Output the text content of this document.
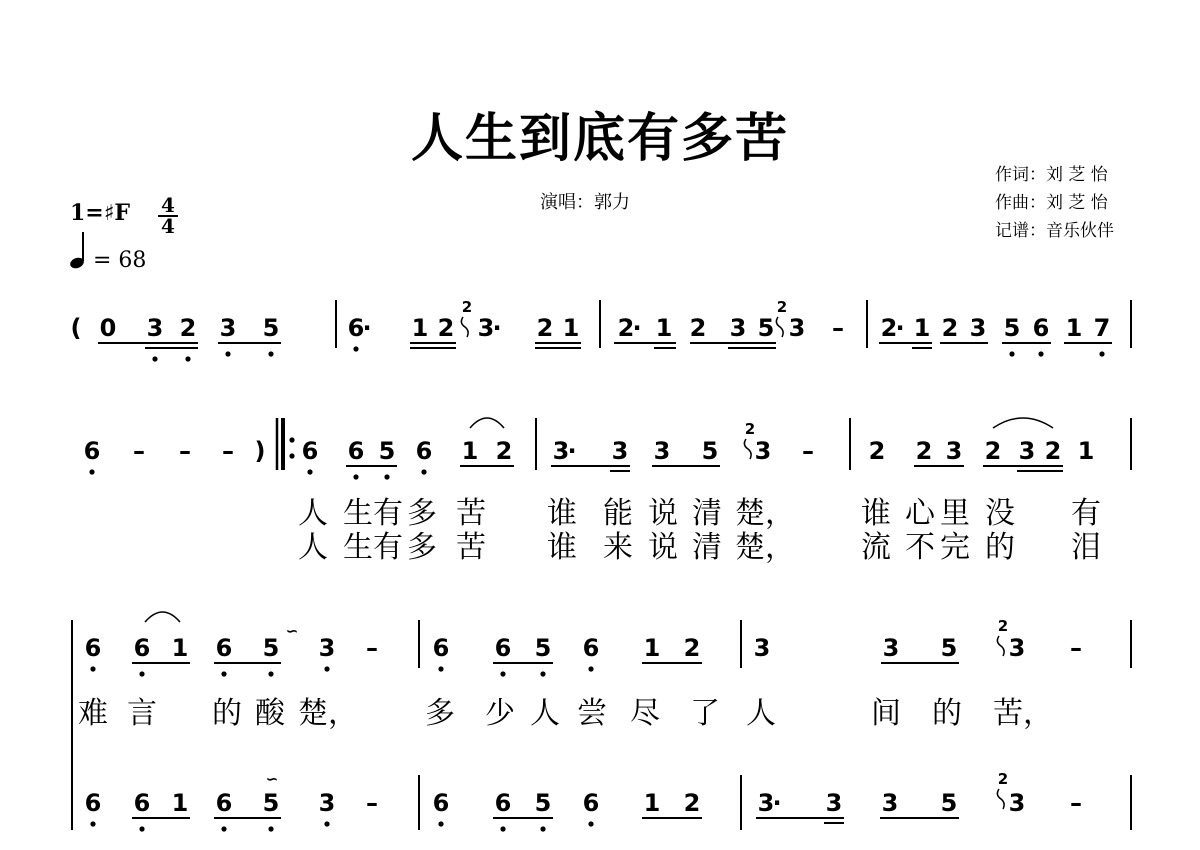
人生到底有多苦
演唱：郭力
作词：刘 芝 怡
作曲：刘 芝 怡
记谱：音乐伙伴
1=♯F 4
4
= 68
( 0 3 2 3 5	6
· 1 2 3
· 2 1
2
2
· 1 2 3 5 3 –
2
2
· 1 2 3 5 6 1 7
6 – – – ) 6 6 5 6 1 2 3
· 3 3 5 3 –
2
2 2 3 2 3 2 1
人 生 有 多 苦 谁 能 说 清 楚， 谁 心 里 没 有
人 生 有 多 苦 谁 来 说 清 楚， 流 不 完 的 泪
6 6 1 6 5 3 –
∽
6 6 5 6 1 2 3	3 5 3 –
2
难 言 的 酸 楚， 多 少 人 尝 尽 了 人	间 的 苦，
6 6 1 6 5 3 –
∽
6 6 5 6 1 2 3
· 3 3 5 3 –
2
